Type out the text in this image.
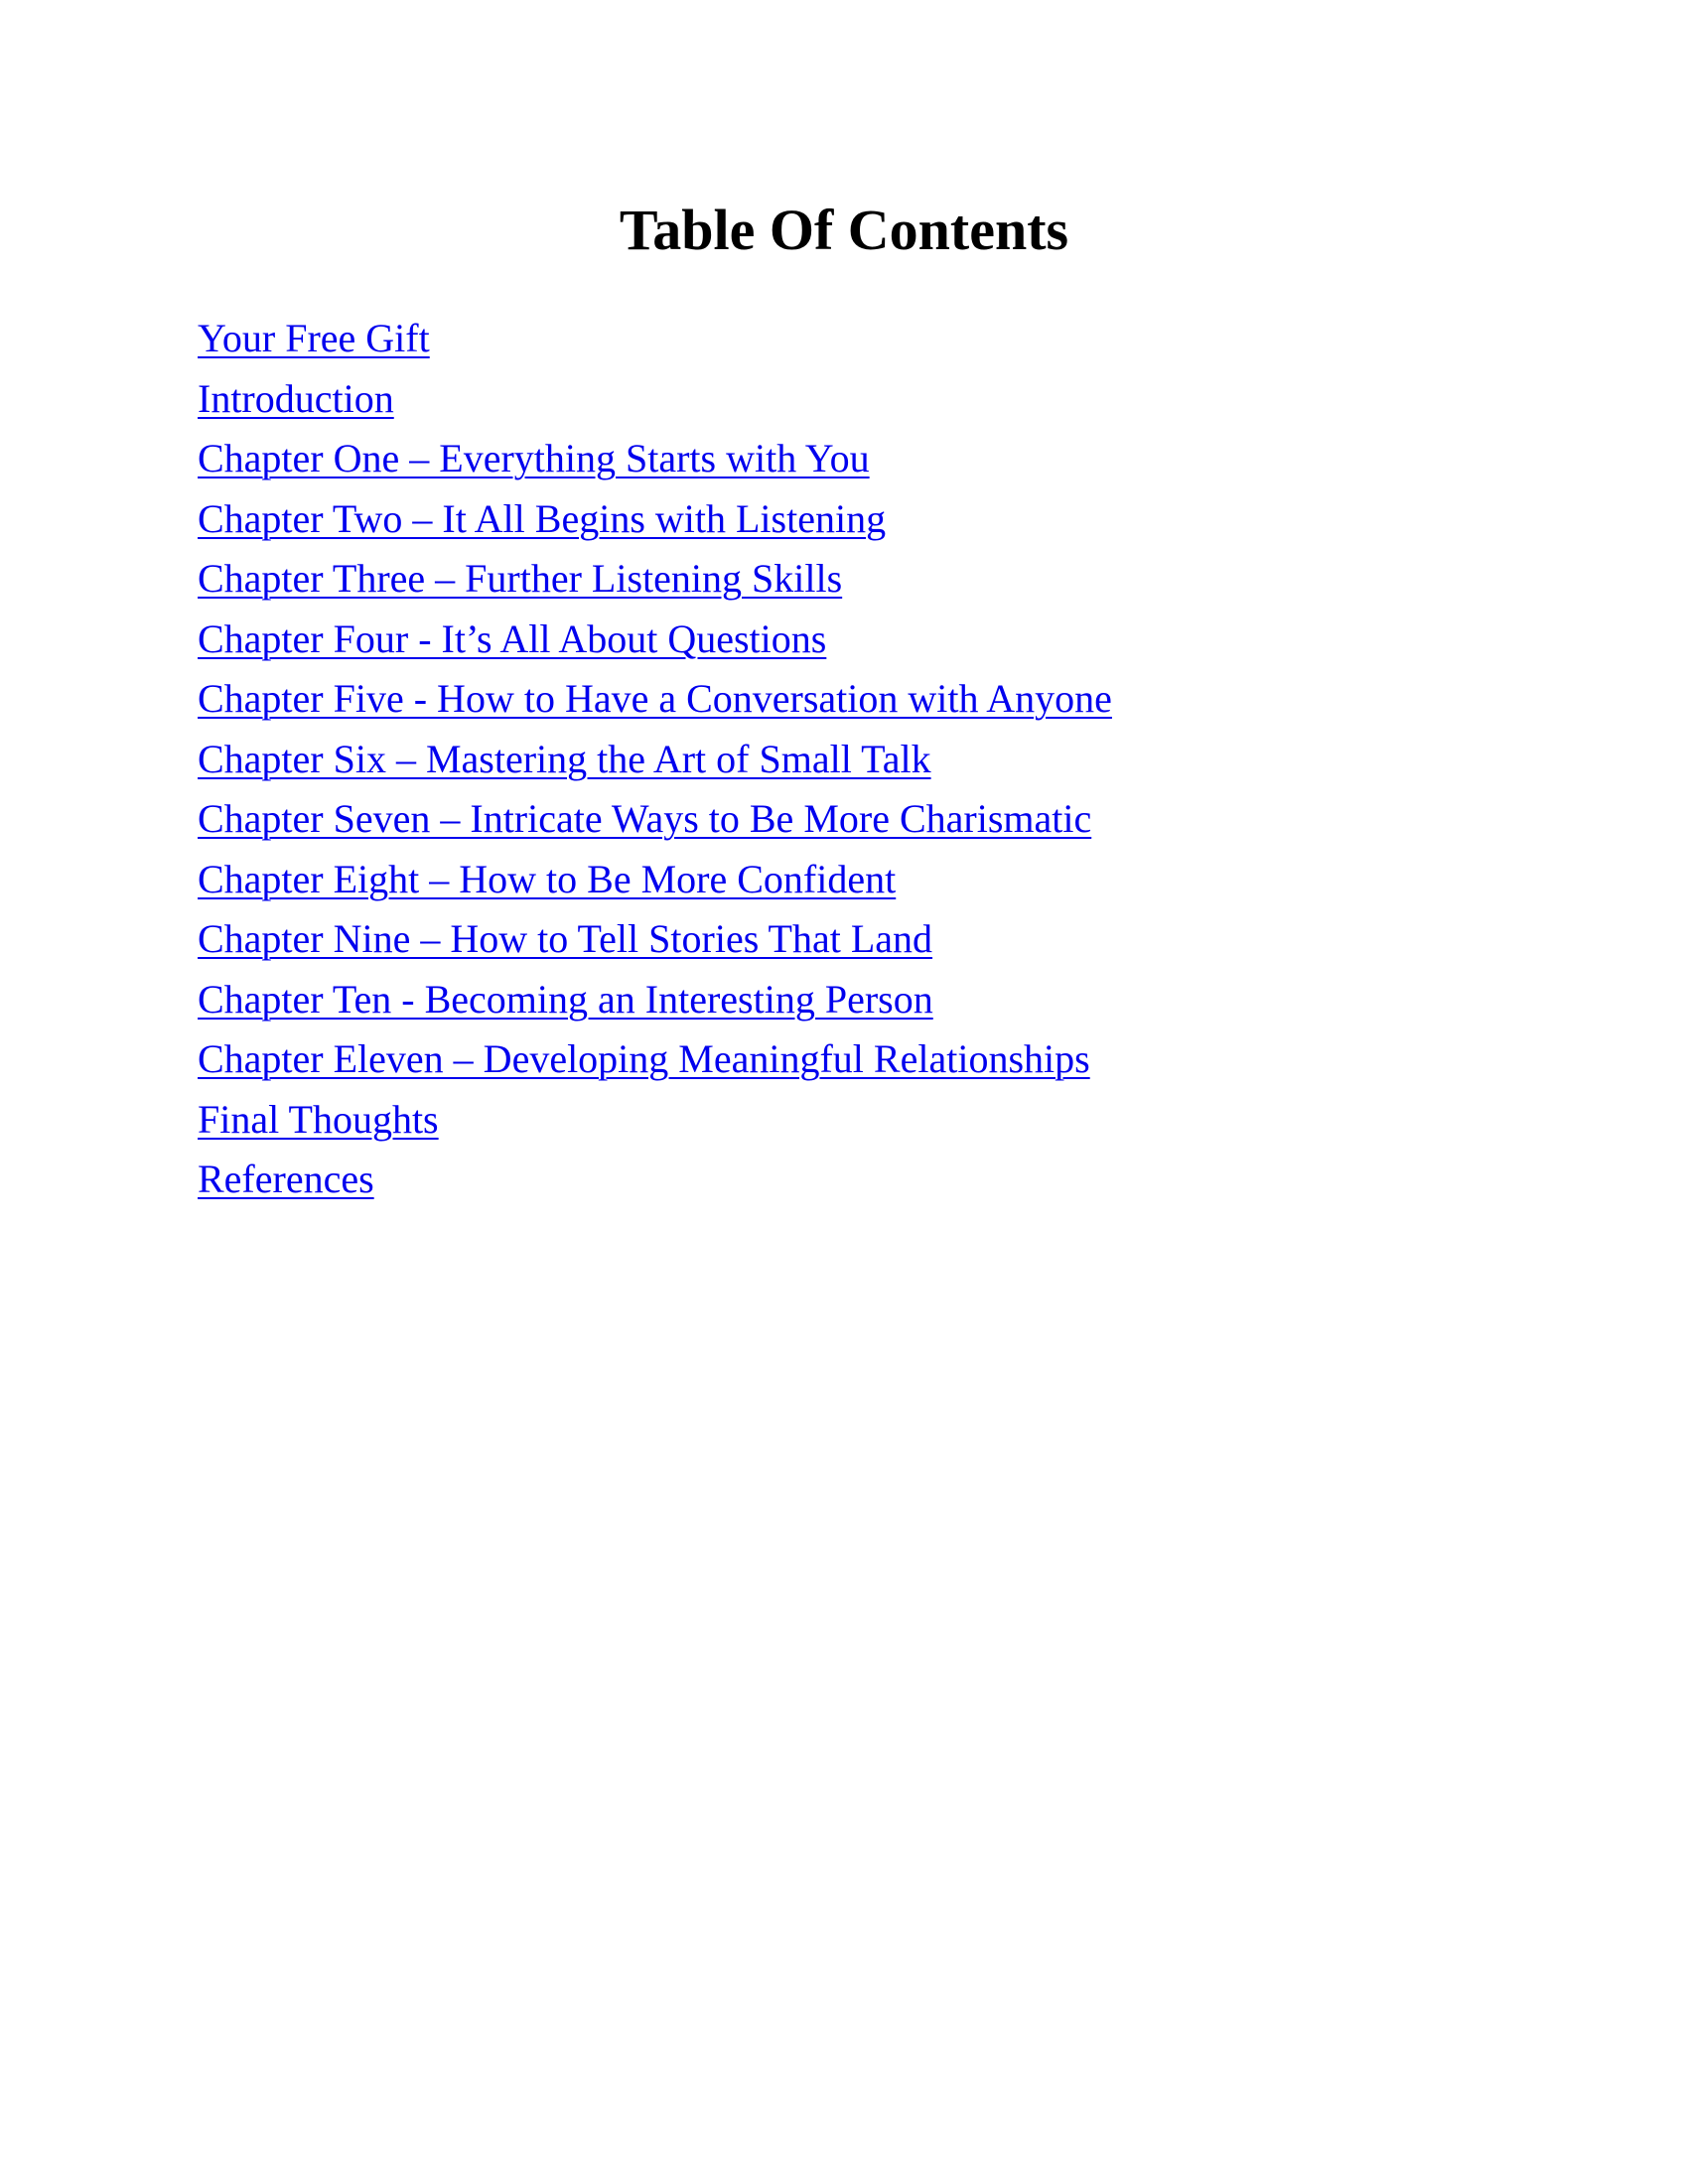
Table Of Contents
Your Free Gift
Introduction
Chapter One – Everything Starts with You
Chapter Two – It All Begins with Listening
Chapter Three – Further Listening Skills
Chapter Four - It’s All About Questions
Chapter Five - How to Have a Conversation with Anyone
Chapter Six – Mastering the Art of Small Talk
Chapter Seven – Intricate Ways to Be More Charismatic
Chapter Eight – How to Be More Confident
Chapter Nine – How to Tell Stories That Land
Chapter Ten - Becoming an Interesting Person
Chapter Eleven – Developing Meaningful Relationships
Final Thoughts
References
